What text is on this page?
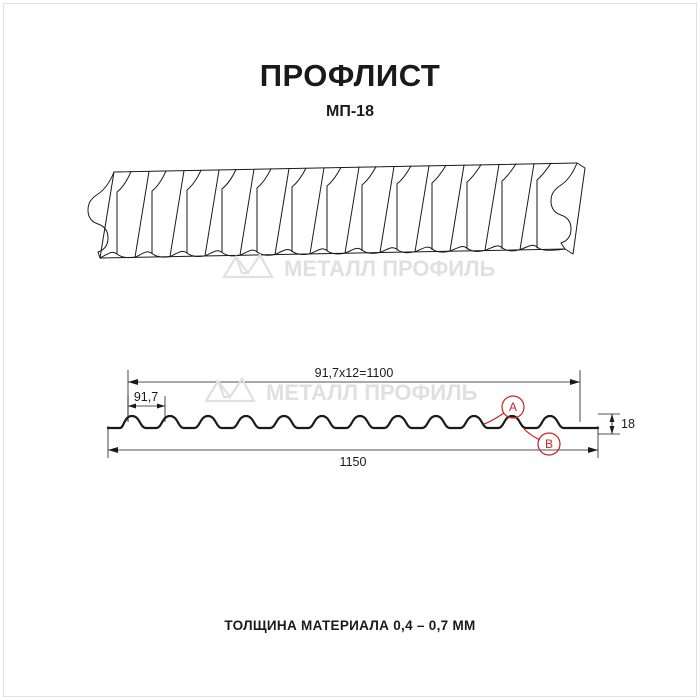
ПРОФЛИСТ
МП-18
МЕТАЛЛ ПРОФИЛЬ
A
B
91,7х12=1100
91,7
1150
18
МЕТАЛЛ ПРОФИЛЬ
ТОЛЩИНА МАТЕРИАЛА 0,4 – 0,7 ММ
